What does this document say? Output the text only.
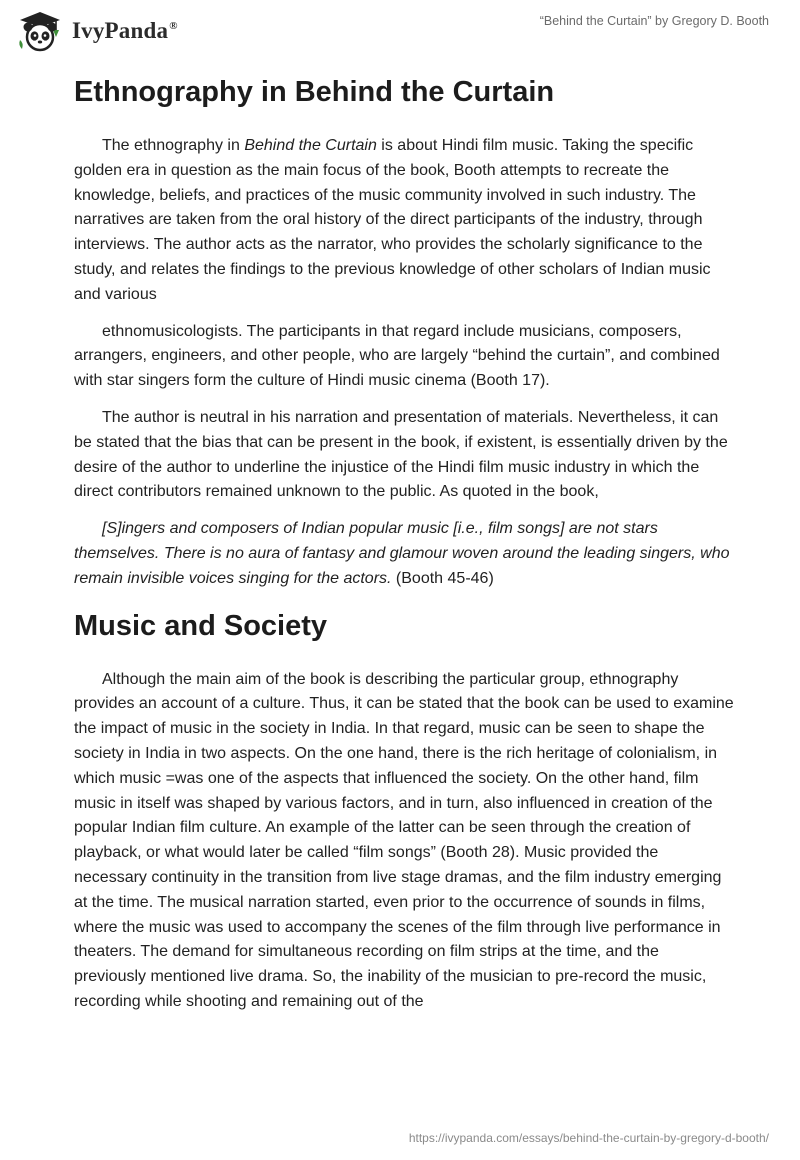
IvyPanda®	“Behind the Curtain” by Gregory D. Booth
Ethnography in Behind the Curtain

The ethnography in Behind the Curtain is about Hindi film music. Taking the specific golden era in question as the main focus of the book, Booth attempts to recreate the knowledge, beliefs, and practices of the music community involved in such industry. The narratives are taken from the oral history of the direct participants of the industry, through interviews. The author acts as the narrator, who provides the scholarly significance to the study, and relates the findings to the previous knowledge of other scholars of Indian music and various

ethnomusicologists. The participants in that regard include musicians, composers, arrangers, engineers, and other people, who are largely “behind the curtain”, and combined with star singers form the culture of Hindi music cinema (Booth 17).

The author is neutral in his narration and presentation of materials. Nevertheless, it can be stated that the bias that can be present in the book, if existent, is essentially driven by the desire of the author to underline the injustice of the Hindi film music industry in which the direct contributors remained unknown to the public. As quoted in the book,

[S]ingers and composers of Indian popular music [i.e., film songs] are not stars themselves. There is no aura of fantasy and glamour woven around the leading singers, who remain invisible voices singing for the actors. (Booth 45-46)

Music and Society

Although the main aim of the book is describing the particular group, ethnography provides an account of a culture. Thus, it can be stated that the book can be used to examine the impact of music in the society in India. In that regard, music can be seen to shape the society in India in two aspects. On the one hand, there is the rich heritage of colonialism, in which music =was one of the aspects that influenced the society. On the other hand, film music in itself was shaped by various factors, and in turn, also influenced in creation of the popular Indian film culture. An example of the latter can be seen through the creation of playback, or what would later be called “film songs” (Booth 28). Music provided the necessary continuity in the transition from live stage dramas, and the film industry emerging at the time. The musical narration started, even prior to the occurrence of sounds in films, where the music was used to accompany the scenes of the film through live performance in theaters. The demand for simultaneous recording on film strips at the time, and the previously mentioned live drama. So, the inability of the musician to pre-record the music, recording while shooting and remaining out of the

https://ivypanda.com/essays/behind-the-curtain-by-gregory-d-booth/
